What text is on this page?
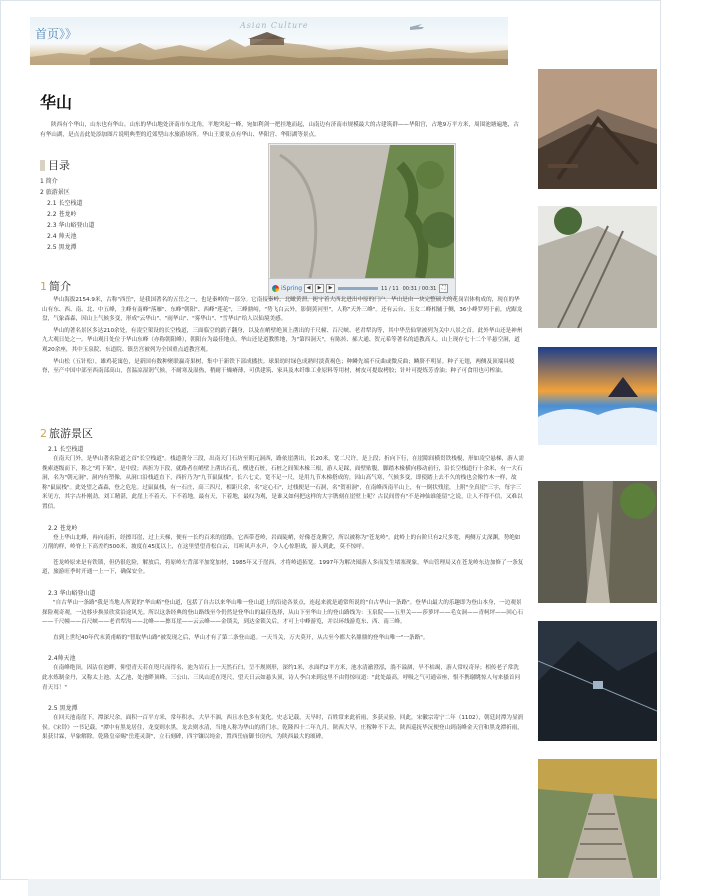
Asian Culture
首页》》
华山

陕西有个华山，山东也有华山。山东的华山地处济南市东北角，平地突起一峰，宛如利剑一把挂地而起，山南边有济南市规模最大的古建筑群——华阳宫，占地9万平方米，周围池塘遍地，古有华山湖，是点击此处添加图片说明典型的近郊型山水旅游场所。华山王要景点有华山、华阳宫、华阳湖等景点。

目录
1 简介
2 旅游景区
2.1 长空栈道
2.2 苍龙岭
2.3 华山峪登山道
2.4 帅天池
2.5 黑龙潭
iSpring ◀	▶	▶	11 / 11 00:31 / 00:31	⛶
1 简介

华山海拔2154.9米，古称"西岳"，是我国著名的五岳之一，也是秦岭的一部分。它南接秦岭，北瞰黄渭，扼守着大西北进出中原的门户。华山是由一块完整硕大的花岗岩体构成的，现在的华山有东、西、南、北、中五峰，主峰有南峰"落雁"、东峰"朝阳"、西峰"莲花"，三峰鼎峙，"势飞白云外，影倒黄河里"，人称"天外三峰"。还有云台、玉女二峰相辅于侧，36小峰罗列于前，虎踞龙盘，气象森森，因山上气候多变，形成"云华山"、"雨华山"、"雾华山"、"雪华山"给人以仙境美感。

华山的著名景区多达210余处，有凌空架设的长空栈道，三面临空的鹞子翻身，以及在峭壁绝顶上凿出的千尺幢、百尺峡、老君犁沟等，其中华岳仙掌被列为关中八景之首。此外华山还是神州九大观日处之一。华山观日处位于华山东峰（亦称朝阳峰），朝阳台为最佳地点。华山还是道教胜地，为"第四洞天"，有陈抟、郝大通、贺元希等著名的道教高人。山上现存七十二个半悬空洞，道观20余座，其中玉泉院、东道院、镇岳宫被列为全国重点道教宫观。

华山松（五针松），雄鸡花寓色，是新国有数种聚联赢奇果树，集中于新铁下部成播扶。球果幼时绿色成熟时淡黄褐色；种鳞先端不反曲或微反曲；鳞脐不明显。种子无翅，两侧及顶端具棱脊，至产中国中部至西南部高山，喜温凉湿润气候，不耐寒及湿热，稍耐干燥瘠薄，可供建筑、家具及木纤维工业原料等用材，树皮可提取栲胶；针叶可提炼芳香油；种子可食用也可榨油。

2 旅游景区
2.1 长空栈道

在南天门外，是华山著名险道之首"长空栈道"。栈道凿分三段，出南天门石坊至朝元洞西，路依崖凿出，长20米，宽二尺许，是上段；折向下行，在崖隙间横贯铁栈棍，形如凌空悬梯，游人需挽索逐级而下，称之"鸡下架"，是中段；西折为下段，就路者在峭壁上凿出石孔，楔进石桩，石桩之间架木椽三根，游人足踩，面壁贴腹，脚踏木椽横向移动前行，沿长空栈道行十余米，有一大石洞，名为"朝元洞"，洞内有塑像，从洞口沿栈道直下，西折乃为"九节鼠鼠栈"，长六七丈，宽不足一尺，是用九节木梯搭成的。因山高气寒，气候多变，即使踏上去不久的栈也会像竹木一样，故称"鼠鼠栈"。此处望之森森，登之危危。过鼠鼠栈，有一石庄，高三四尺，相距尺余，名"定心石"，过栈便是一石洞，名"贺祖洞"，在南峰西南半山上，有一倒状残崖，上附"全真崖"三字，每字三米见方，其字古朴刚劲，刘工精湛，此崖上不着天，下不着地，最有天，下着地，最叹为观，是谁又如何把这样的大字镌刻在崖壁上呢？古民间曾有"不是神仙谁能留"之说，让人不得不信，又难以置信。

2.2 苍龙岭

登上华山北峰，再向南折，经擦耳崖，过上天梯，便有一长约百米的崖路，它西带苍岭，岩面陡峭，好像苍龙腾空，所以被称为"苍龙岭"。此岭上的台阶只有2尺多宽，两侧万丈深渊，势绝如刀削的样，岭脊上下高差约500米，坡度在45度以上，在这里望望青松白云，耳听风声水声，令人心惊胆战，游人到此，莫不惊呼。

苍龙岭原来是有铁锁，但仍很危险，解放后，将原岭左背部平加宽加材，1985年又于崖西，才将岭道拓宽。1997年为解决囤游人多而发生堵塞现象，华山管理局又在苍龙岭东边加修了一条复道，旅游旺季时开通一上一下，确保安全。

2.3 华山峪登山道

"自古华山一条路"我是当地人所说的"华山峪"登山道，包括了自古以来华山唯一登山道上的沿途各景点，连起来就是通常所说的"自古华山一条路"。登华山最大的乐趣即为登山本身，一边观景探险观奇观，一边移步换景欣赏沿途风光。所以这条经典的登山路线至今仍然是登华山的最佳选择，从山下至华山上的登山路线为：玉泉院——五里关——莎萝坪——毛女洞——青柯坪——回心石——千尺幢——百尺峡——老君犁沟——北峰——擦耳崖——云云峰——金锁关，到达金锁关后，才可上中峰游览，并以环线游览东、西、南三峰。

直到上世纪40年代末黄甫峪的"智取华山路"被发现之后，华山才有了第二条登山道。一天当关，万夫莫开，从古至今都大名鼎鼎的登华山唯一"一条路"。

2.4帅天池

在南峰绝顶，因沾在池畔，仰望青天若在咫尺而得名，池为岩石上一天然石臼，呈不规则形，深约1米，水面约2平方米，池水清澈澄泓，淌不溢涸，旱不枯竭，游人常叹奇异；相传老子常洗此水炼制金丹，又称太上池，太乙池，处池畔顶峰，三公山、三凤山近在咫尺，望天日云如悬头顶，诗人李白来到这里不由得惊叹道："此处最高，呼吸之气可通帝座，恨不携谢眺惊人句来搔首问青天耳！"

2.5 黑龙潭

在回天池南崖下，潭深尺余，面积一百平方米，常年积水，大旱不涸，西且水色多有变化，史志记载，天旱时，百姓常来此祈雨，多获灵验。回此，宋徽宗寄宁二年（1102），朝廷封潭为显润侯。《宋铃》一书记载，"潭中有黑龙居住，龙变则水黑，龙去则水清，当地人称为华山的消门水。乾隆四十二年九月，陕西大旱，庄稼种不下去，陕西巡抚毕沅便登山到南峰金天宫和黑龙潭祈雨，果获甘霖，旱象解除。乾隆皇帝赐"岳莲灵澍"，立石刻碑，四宇镶以纯金，置西岳庙御书房内，为陕西最大的颂碑。
